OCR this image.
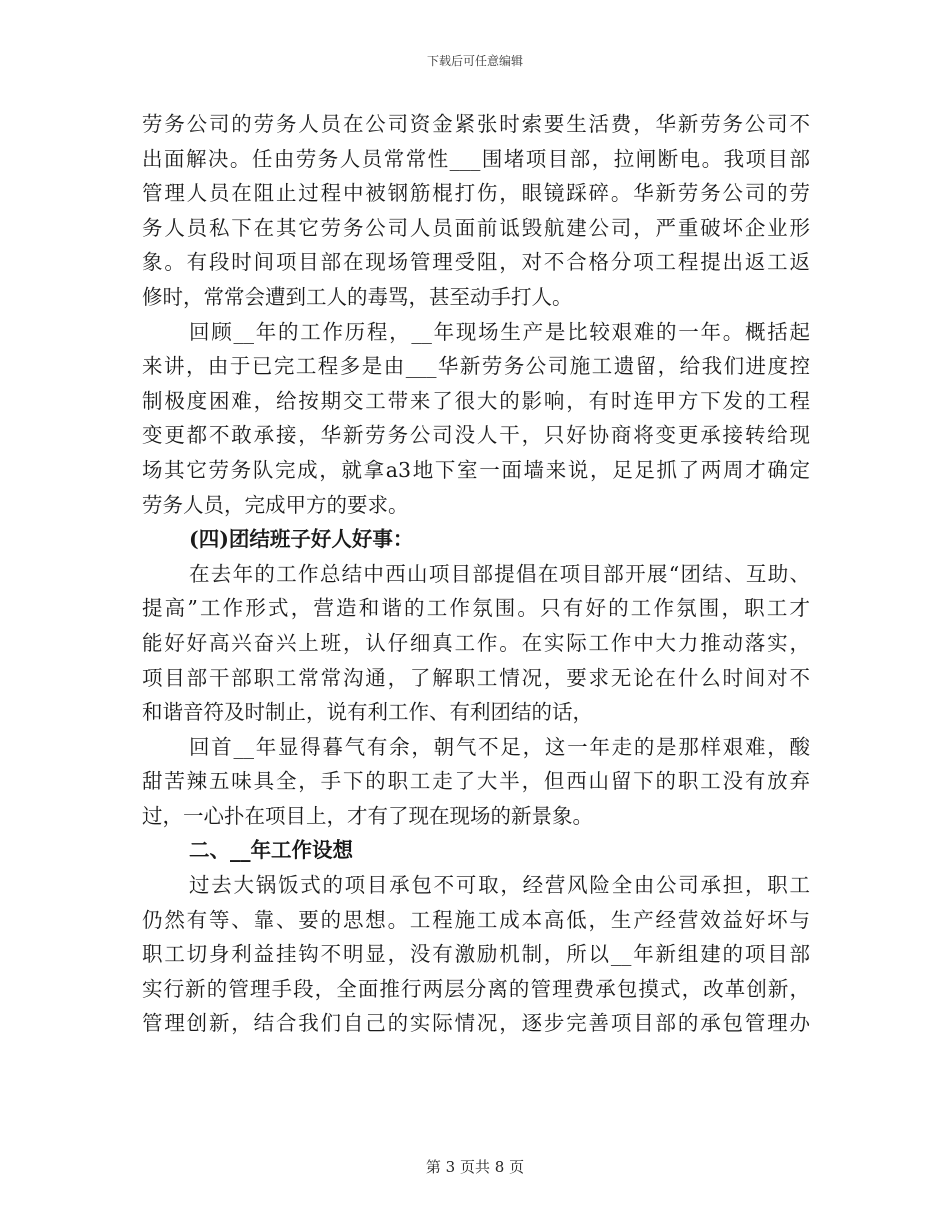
下载后可任意编辑
劳务公司的劳务人员在公司资金紧张时索要生活费，华新劳务公司不
出面解决。任由劳务人员常常性___围堵项目部，拉闸断电。我项目部
管理人员在阻止过程中被钢筋棍打伤，眼镜踩碎。华新劳务公司的劳
务人员私下在其它劳务公司人员面前诋毁航建公司，严重破坏企业形
象。有段时间项目部在现场管理受阻，对不合格分项工程提出返工返
修时，常常会遭到工人的毒骂，甚至动手打人。
回顾__年的工作历程，__年现场生产是比较艰难的一年。概括起
来讲，由于已完工程多是由___华新劳务公司施工遗留，给我们进度控
制极度困难，给按期交工带来了很大的影响，有时连甲方下发的工程
变更都不敢承接，华新劳务公司没人干，只好协商将变更承接转给现
场其它劳务队完成，就拿a3地下室一面墙来说，足足抓了两周才确定
劳务人员，完成甲方的要求。
(四)团结班子好人好事：
在去年的工作总结中西山项目部提倡在项目部开展“团结、互助、
提高”工作形式，营造和谐的工作氛围。只有好的工作氛围，职工才
能好好高兴奋兴上班，认仔细真工作。在实际工作中大力推动落实，
项目部干部职工常常沟通，了解职工情况，要求无论在什么时间对不
和谐音符及时制止，说有利工作、有利团结的话，
回首__年显得暮气有余，朝气不足，这一年走的是那样艰难，酸
甜苦辣五味具全，手下的职工走了大半，但西山留下的职工没有放弃
过，一心扑在项目上，才有了现在现场的新景象。
二、__年工作设想
过去大锅饭式的项目承包不可取，经营风险全由公司承担，职工
仍然有等、靠、要的思想。工程施工成本高低，生产经营效益好坏与
职工切身利益挂钩不明显，没有激励机制，所以__年新组建的项目部
实行新的管理手段，全面推行两层分离的管理费承包摸式，改革创新，
管理创新，结合我们自己的实际情况，逐步完善项目部的承包管理办
第 3 页共 8 页
